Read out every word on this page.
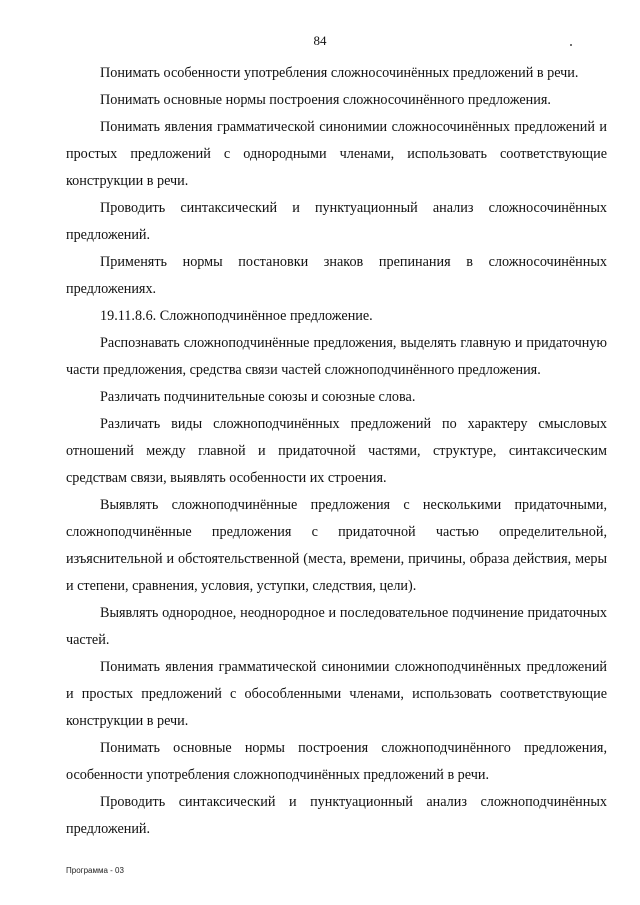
84

Понимать особенности употребления сложносочинённых предложений в речи.

Понимать основные нормы построения сложносочинённого предложения.

Понимать явления грамматической синонимии сложносочинённых предложений и простых предложений с однородными членами, использовать соответствующие конструкции в речи.

Проводить синтаксический и пунктуационный анализ сложносочинённых предложений.

Применять нормы постановки знаков препинания в сложносочинённых предложениях.

19.11.8.6. Сложноподчинённое предложение.

Распознавать сложноподчинённые предложения, выделять главную и придаточную части предложения, средства связи частей сложноподчинённого предложения.

Различать подчинительные союзы и союзные слова.

Различать виды сложноподчинённых предложений по характеру смысловых отношений между главной и придаточной частями, структуре, синтаксическим средствам связи, выявлять особенности их строения.

Выявлять сложноподчинённые предложения с несколькими придаточными, сложноподчинённые предложения с придаточной частью определительной, изъяснительной и обстоятельственной (места, времени, причины, образа действия, меры и степени, сравнения, условия, уступки, следствия, цели).

Выявлять однородное, неоднородное и последовательное подчинение придаточных частей.

Понимать явления грамматической синонимии сложноподчинённых предложений и простых предложений с обособленными членами, использовать соответствующие конструкции в речи.

Понимать основные нормы построения сложноподчинённого предложения, особенности употребления сложноподчинённых предложений в речи.

Проводить синтаксический и пунктуационный анализ сложноподчинённых предложений.

Программа - 03
